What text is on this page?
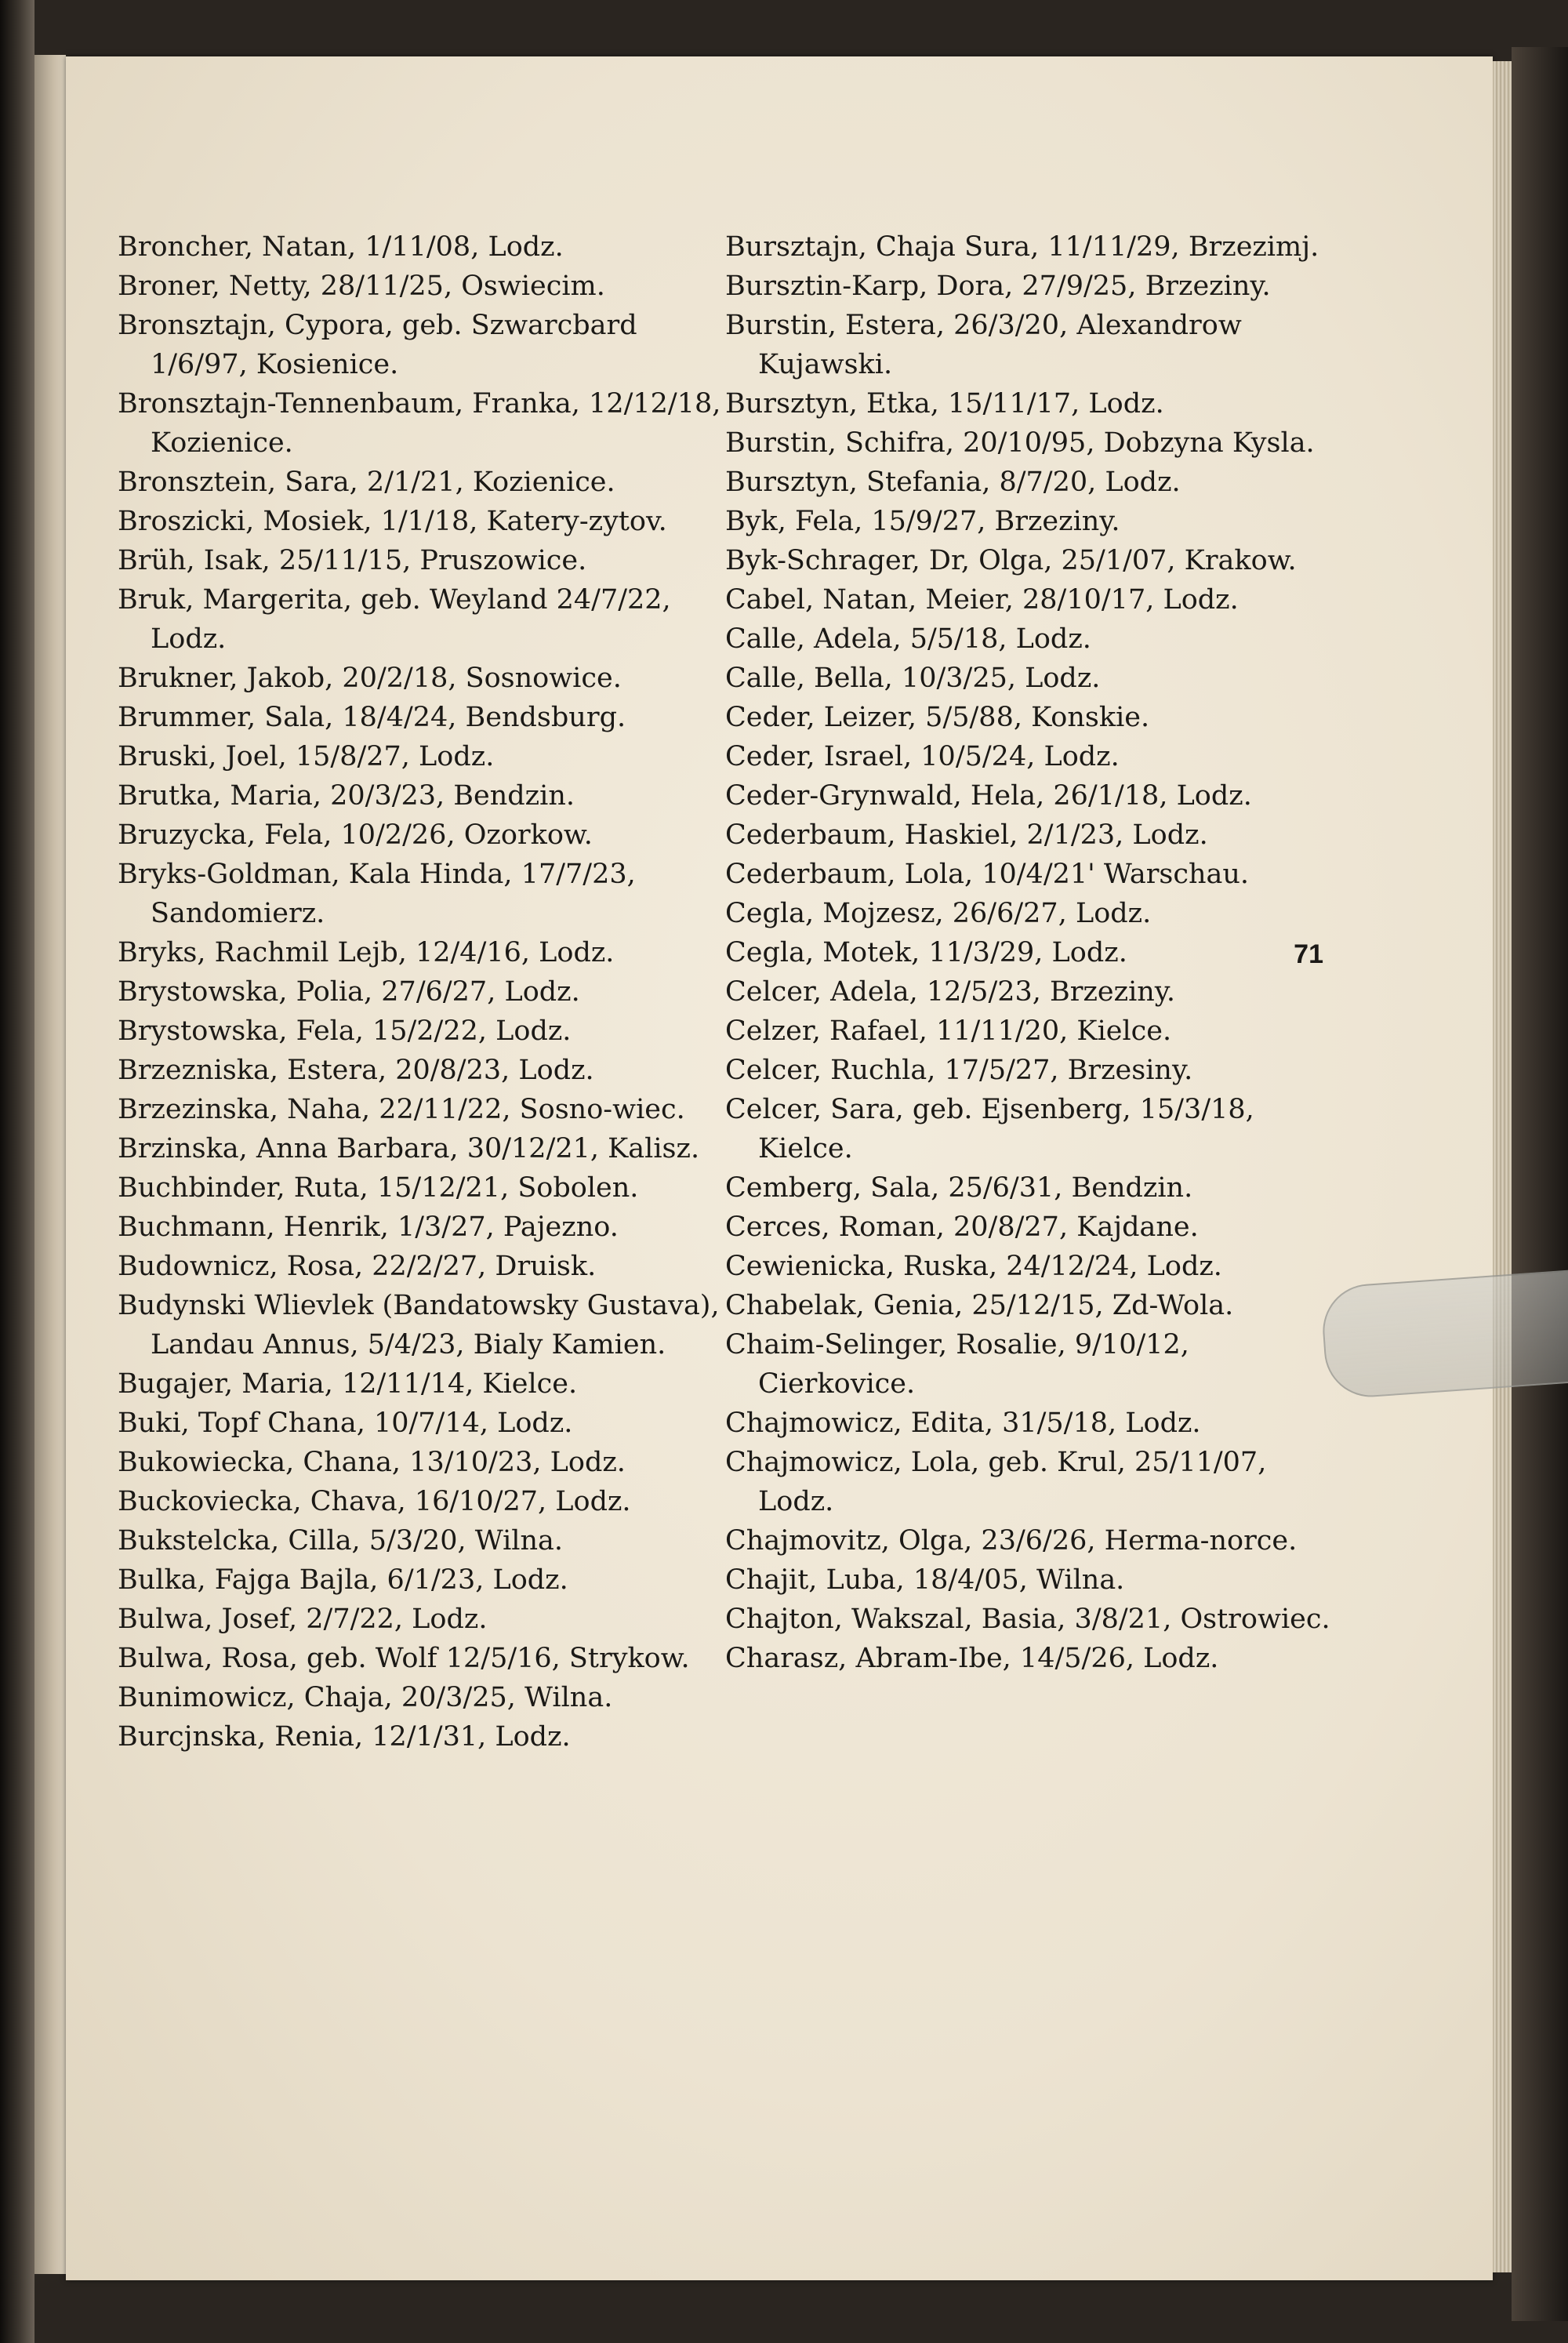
Broncher, Natan, 1/11/08, Lodz.
Broner, Netty, 28/11/25, Oswiecim.
Bronsztajn, Cypora, geb. Szwarcbard 1/6/97, Kosienice.
Bronsztajn-Tennenbaum, Franka, 12/12/18, Kozienice.
Bronsztein, Sara, 2/1/21, Kozienice.
Broszicki, Mosiek, 1/1/18, Katery-zytov.
Brüh, Isak, 25/11/15, Pruszowice.
Bruk, Margerita, geb. Weyland 24/7/22, Lodz.
Brukner, Jakob, 20/2/18, Sosnowice.
Brummer, Sala, 18/4/24, Bendsburg.
Bruski, Joel, 15/8/27, Lodz.
Brutka, Maria, 20/3/23, Bendzin.
Bruzycka, Fela, 10/2/26, Ozorkow.
Bryks-Goldman, Kala Hinda, 17/7/23, Sandomierz.
Bryks, Rachmil Lejb, 12/4/16, Lodz.
Brystowska, Polia, 27/6/27, Lodz.
Brystowska, Fela, 15/2/22, Lodz.
Brzezniska, Estera, 20/8/23, Lodz.
Brzezinska, Naha, 22/11/22, Sosno-wiec.
Brzinska, Anna Barbara, 30/12/21, Kalisz.
Buchbinder, Ruta, 15/12/21, Sobolen.
Buchmann, Henrik, 1/3/27, Pajezno.
Budownicz, Rosa, 22/2/27, Druisk.
Budynski Wlievlek (Bandatowsky Gustava), Landau Annus, 5/4/23, Bialy Kamien.
Bugajer, Maria, 12/11/14, Kielce.
Buki, Topf Chana, 10/7/14, Lodz.
Bukowiecka, Chana, 13/10/23, Lodz.
Buckoviecka, Chava, 16/10/27, Lodz.
Bukstelcka, Cilla, 5/3/20, Wilna.
Bulka, Fajga Bajla, 6/1/23, Lodz.
Bulwa, Josef, 2/7/22, Lodz.
Bulwa, Rosa, geb. Wolf 12/5/16, Strykow.
Bunimowicz, Chaja, 20/3/25, Wilna.
Burcjnska, Renia, 12/1/31, Lodz.
Bursztajn, Chaja Sura, 11/11/29, Brzezimj.
Bursztin-Karp, Dora, 27/9/25, Brzeziny.
Burstin, Estera, 26/3/20, Alexandrow Kujawski.
Bursztyn, Etka, 15/11/17, Lodz.
Burstin, Schifra, 20/10/95, Dobzyna Kysla.
Bursztyn, Stefania, 8/7/20, Lodz.
Byk, Fela, 15/9/27, Brzeziny.
Byk-Schrager, Dr, Olga, 25/1/07, Krakow.
Cabel, Natan, Meier, 28/10/17, Lodz.
Calle, Adela, 5/5/18, Lodz.
Calle, Bella, 10/3/25, Lodz.
Ceder, Leizer, 5/5/88, Konskie.
Ceder, Israel, 10/5/24, Lodz.
Ceder-Grynwald, Hela, 26/1/18, Lodz.
Cederbaum, Haskiel, 2/1/23, Lodz.
Cederbaum, Lola, 10/4/21' Warschau.
Cegla, Mojzesz, 26/6/27, Lodz.
Cegla, Motek, 11/3/29, Lodz.
Celcer, Adela, 12/5/23, Brzeziny.
Celzer, Rafael, 11/11/20, Kielce.
Celcer, Ruchla, 17/5/27, Brzesiny.
Celcer, Sara, geb. Ejsenberg, 15/3/18, Kielce.
Cemberg, Sala, 25/6/31, Bendzin.
Cerces, Roman, 20/8/27, Kajdane.
Cewienicka, Ruska, 24/12/24, Lodz.
Chabelak, Genia, 25/12/15, Zd-Wola.
Chaim-Selinger, Rosalie, 9/10/12, Cierkovice.
Chajmowicz, Edita, 31/5/18, Lodz.
Chajmowicz, Lola, geb. Krul, 25/11/07, Lodz.
Chajmovitz, Olga, 23/6/26, Herma-norce.
Chajit, Luba, 18/4/05, Wilna.
Chajton, Wakszal, Basia, 3/8/21, Ostrowiec.
Charasz, Abram-Ibe, 14/5/26, Lodz.
71
